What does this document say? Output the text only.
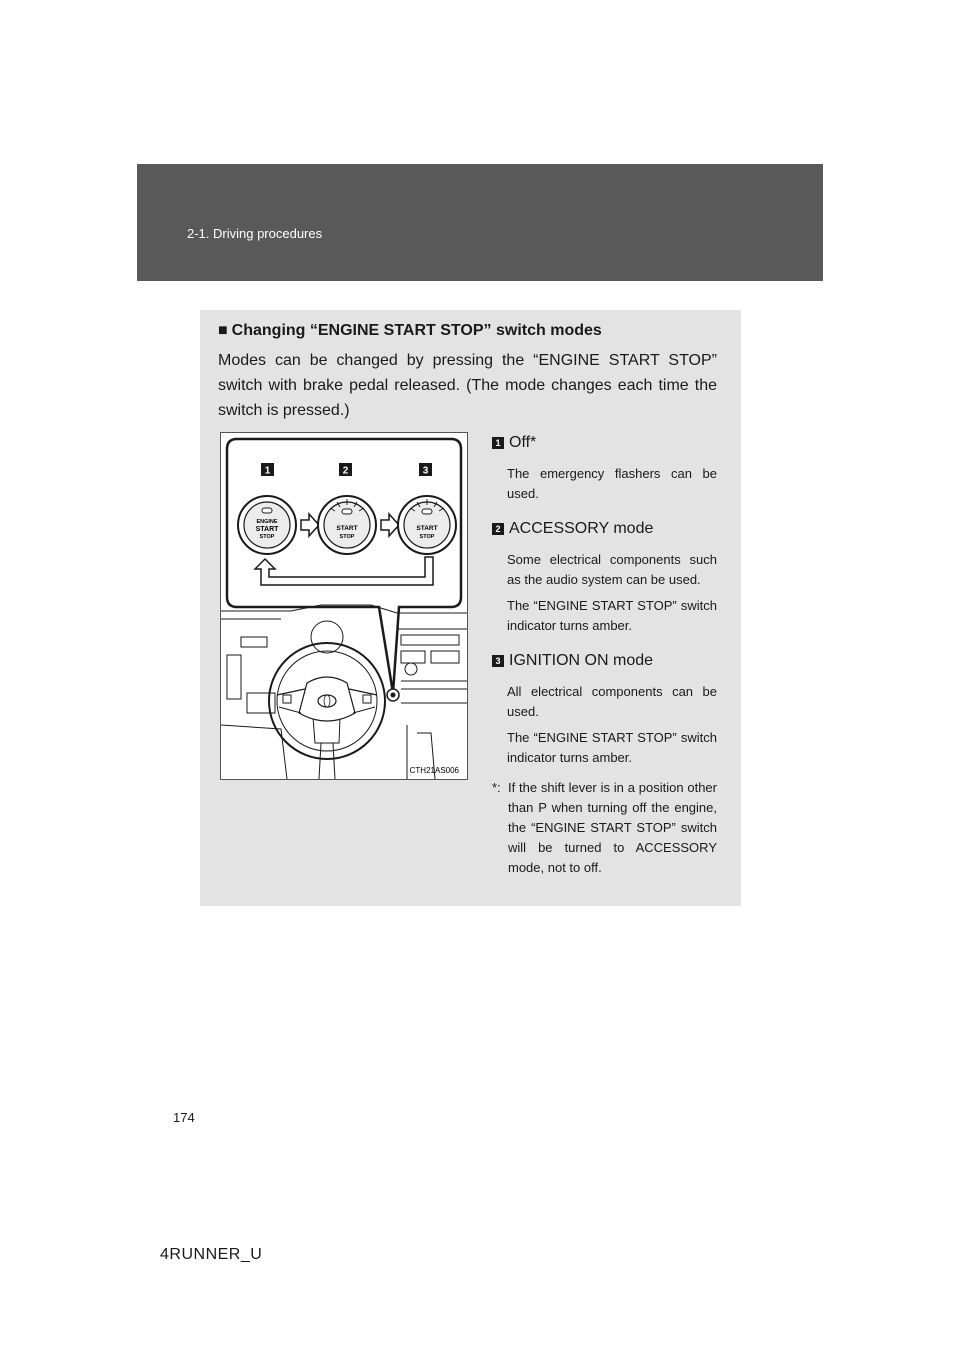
2-1. Driving procedures
■ Changing “ENGINE START STOP” switch modes
Modes can be changed by pressing the “ENGINE START STOP” switch with brake pedal released. (The mode changes each time the switch is pressed.)
1	2	3
ENGINE
START
STOP
START
STOP
START
STOP
CTH21AS006
1 Off*

The emergency flashers can be used.

2 ACCESSORY mode

Some electrical components such as the audio system can be used.

The “ENGINE START STOP” switch indicator turns amber.

3 IGNITION ON mode

All electrical components can be used.

The “ENGINE START STOP” switch indicator turns amber.

*: If the shift lever is in a position other than P when turning off the engine, the “ENGINE START STOP” switch will be turned to ACCESSORY mode, not to off.
174
4RUNNER_U
